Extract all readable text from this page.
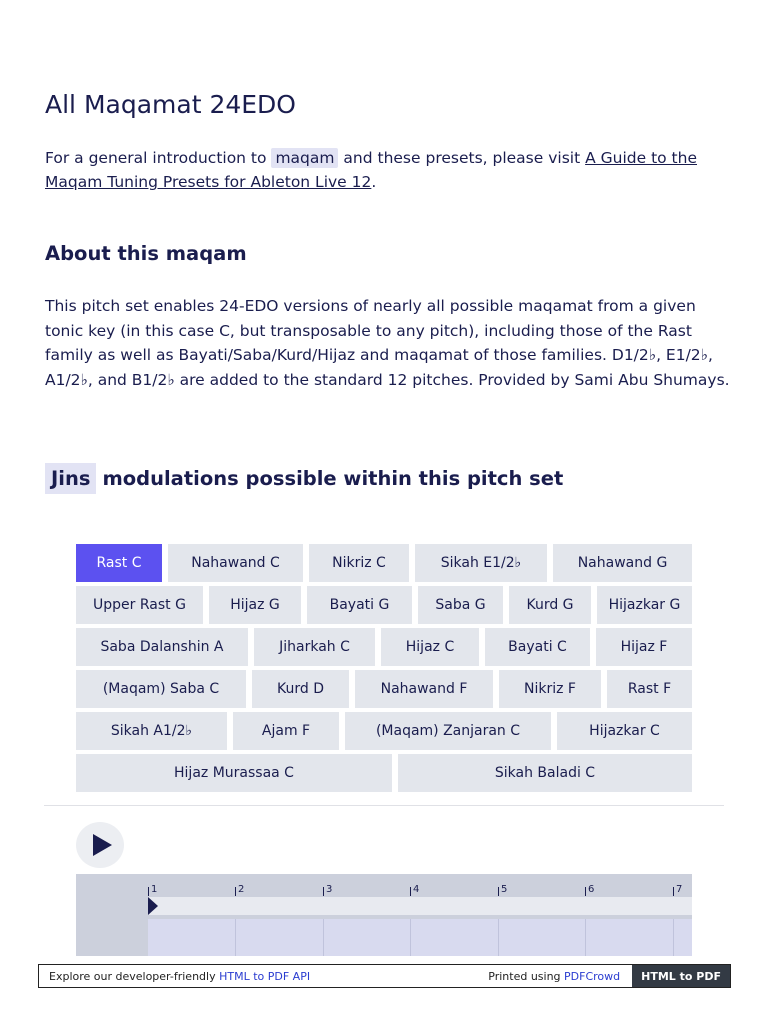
All Maqamat 24EDO

For a general introduction to maqam and these presets, please visit A Guide to the Maqam Tuning Presets for Ableton Live 12.

About this maqam

This pitch set enables 24-EDO versions of nearly all possible maqamat from a given tonic key (in this case C, but transposable to any pitch), including those of the Rast family as well as Bayati/Saba/Kurd/Hijaz and maqamat of those families. D1/2♭, E1/2♭, A1/2♭, and B1/2♭ are added to the standard 12 pitches. Provided by Sami Abu Shumays.

Jins modulations possible within this pitch set
Rast C	Nahawand C	Nikriz C	Sikah E1/2♭	Nahawand G
Upper Rast G	Hijaz G	Bayati G	Saba G	Kurd G	Hijazkar G
Saba Dalanshin A	Jiharkah C	Hijaz C	Bayati C	Hijaz F
(Maqam) Saba C	Kurd D	Nahawand F	Nikriz F	Rast F
Sikah A1/2♭	Ajam F	(Maqam) Zanjaran C	Hijazkar C
Hijaz Murassaa C	Sikah Baladi C
1	2	3	4	5	6	7
Explore our developer-friendly HTML to PDF API	Printed using PDFCrowd	HTML to PDF
